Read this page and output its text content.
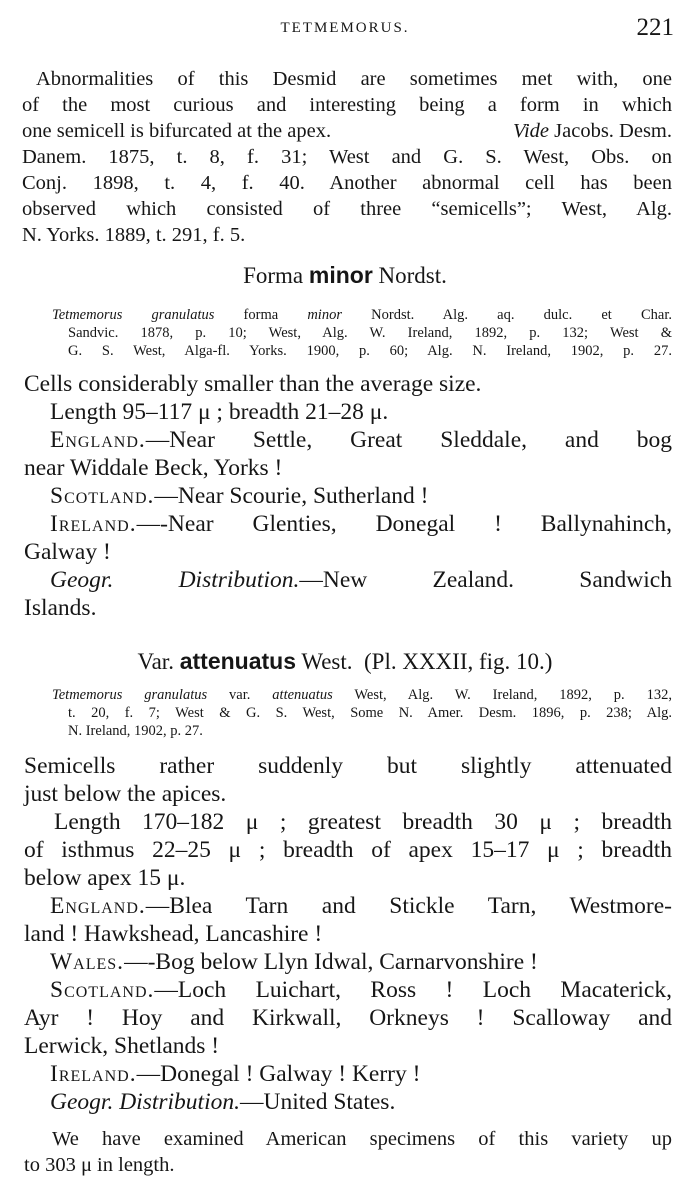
TETMEMORUS.	221
Abnormalities of this Desmid are sometimes met with, one
of the most curious and interesting being a form in which
one semicell is bifurcated at the apex.	Vide Jacobs. Desm.
Danem. 1875, t. 8, f. 31; West and G. S. West, Obs. on
Conj. 1898, t. 4, f. 40. Another abnormal cell has been
observed which consisted of three “semicells”; West, Alg.
N. Yorks. 1889, t. 291, f. 5.
Forma minor Nordst.
Tetmemorus granulatus forma minor Nordst. Alg. aq. dulc. et Char.
Sandvic. 1878, p. 10; West, Alg. W. Ireland, 1892, p. 132; West &
G. S. West, Alga-fl. Yorks. 1900, p. 60; Alg. N. Ireland, 1902, p. 27.
Cells considerably smaller than the average size.
Length 95–117 μ ; breadth 21–28 μ.
England.—Near Settle, Great Sleddale, and bog
near Widdale Beck, Yorks !
Scotland.—Near Scourie, Sutherland !
Ireland.—-Near Glenties, Donegal ! Ballynahinch,
Galway !
Geogr. Distribution.—New Zealand. Sandwich
Islands.
Var. attenuatus West.  (Pl. XXXII, fig. 10.)
Tetmemorus granulatus var. attenuatus West, Alg. W. Ireland, 1892, p. 132,
t. 20, f. 7; West & G. S. West, Some N. Amer. Desm. 1896, p. 238; Alg.
N. Ireland, 1902, p. 27.
Semicells rather suddenly but slightly attenuated
just below the apices.
Length 170–182 μ ; greatest breadth 30 μ ; breadth
of isthmus 22–25 μ ; breadth of apex 15–17 μ ; breadth
below apex 15 μ.
England.—Blea Tarn and Stickle Tarn, Westmore-
land ! Hawkshead, Lancashire !
Wales.—-Bog below Llyn Idwal, Carnarvonshire !
Scotland.—Loch Luichart, Ross ! Loch Macaterick,
Ayr ! Hoy and Kirkwall, Orkneys ! Scalloway and
Lerwick, Shetlands !
Ireland.—Donegal ! Galway ! Kerry !
Geogr. Distribution.—United States.
We have examined American specimens of this variety up
to 303 μ in length.
